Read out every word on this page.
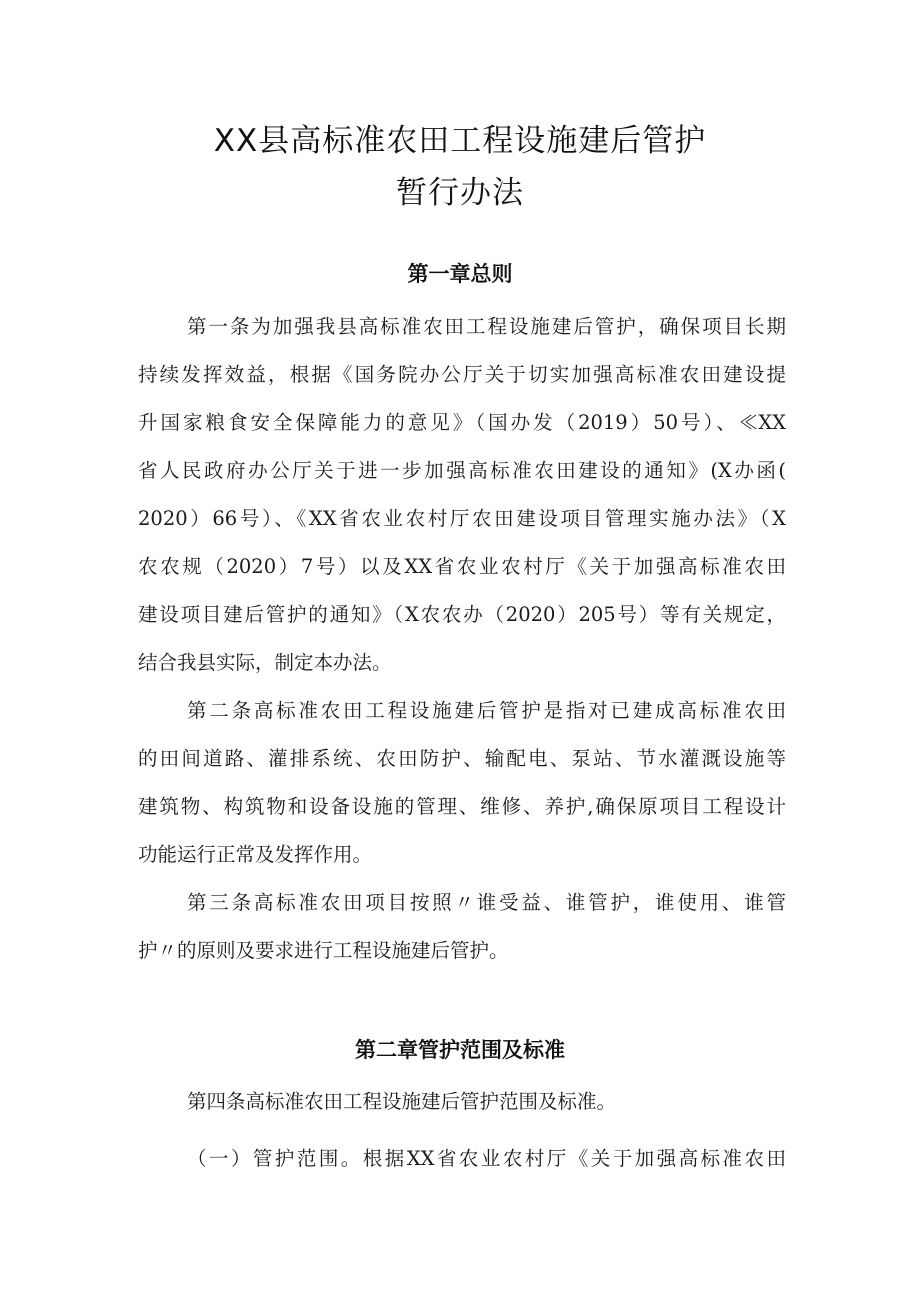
XX县高标准农田工程设施建后管护
暂行办法
第一章总则
第一条为加强我县高标准农田工程设施建后管护，确保项目长期
持续发挥效益，根据《国务院办公厅关于切实加强高标准农田建设提
升国家粮食安全保障能力的意见》（国办发（2019）50号）、≪XX
省人民政府办公厅关于进一步加强高标准农田建设的通知》(X办函(
2020）66号）、《XX省农业农村厅农田建设项目管理实施办法》（X
农农规（2020）7号）以及XX省农业农村厅《关于加强高标准农田
建设项目建后管护的通知》（X农农办（2020）205号）等有关规定，
结合我县实际，制定本办法。
第二条高标准农田工程设施建后管护是指对已建成高标准农田
的田间道路、灌排系统、农田防护、输配电、泵站、节水灌溉设施等
建筑物、构筑物和设备设施的管理、维修、养护,确保原项目工程设计
功能运行正常及发挥作用。
第三条高标准农田项目按照〃谁受益、谁管护，谁使用、谁管
护〃的原则及要求进行工程设施建后管护。
第二章管护范围及标准
第四条高标准农田工程设施建后管护范围及标准。
（一）管护范围。根据XX省农业农村厅《关于加强高标准农田
